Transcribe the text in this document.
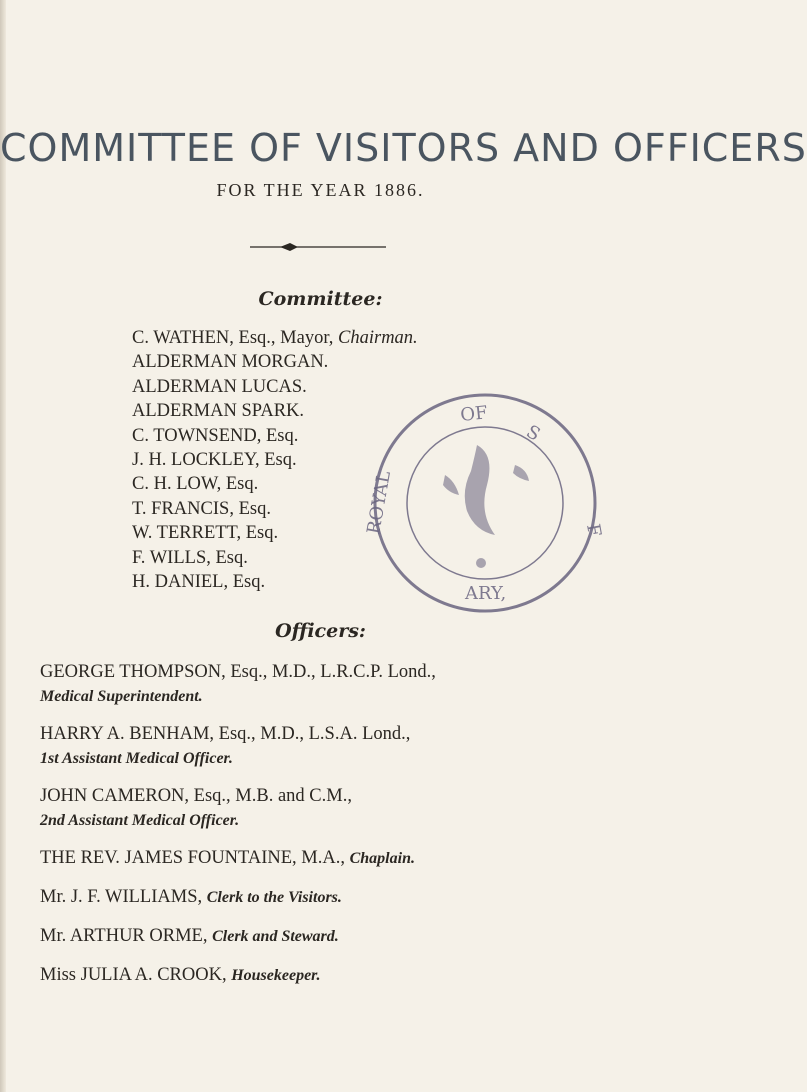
COMMITTEE OF VISITORS AND OFFICERS
FOR THE YEAR 1886.
Committee:
C. WATHEN, Esq., Mayor, Chairman.
ALDERMAN MORGAN.
ALDERMAN LUCAS.
ALDERMAN SPARK.
C. TOWNSEND, Esq.
J. H. LOCKLEY, Esq.
C. H. LOW, Esq.
T. FRANCIS, Esq.
W. TERRETT, Esq.
F. WILLS, Esq.
H. DANIEL, Esq.
OF
S
ROYAL
ARY,
F
Officers:
GEORGE THOMPSON, Esq., M.D., L.R.C.P. Lond.,
Medical Superintendent.
HARRY A. BENHAM, Esq., M.D., L.S.A. Lond.,
1st Assistant Medical Officer.
JOHN CAMERON, Esq., M.B. and C.M.,
2nd Assistant Medical Officer.
THE REV. JAMES FOUNTAINE, M.A., Chaplain.
Mr. J. F. WILLIAMS, Clerk to the Visitors.
Mr. ARTHUR ORME, Clerk and Steward.
Miss JULIA A. CROOK, Housekeeper.
